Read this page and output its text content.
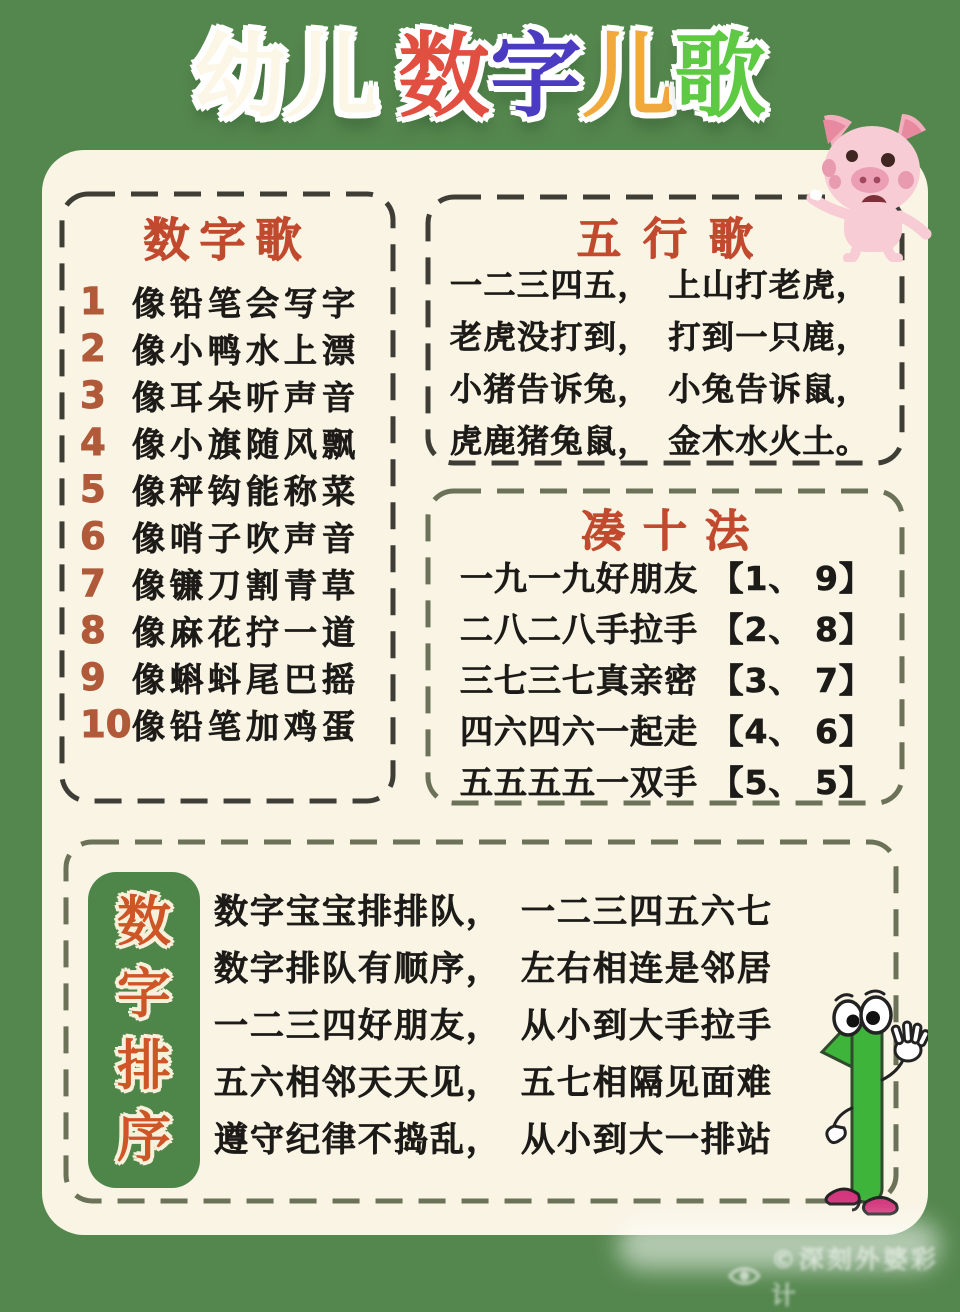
幼 儿 数 字 儿 歌
数字歌
1 像铅笔会写字
2 像小鸭水上漂
3 像耳朵听声音
4 像小旗随风飘
5 像秤钩能称菜
6 像哨子吹声音
7 像镰刀割青草
8 像麻花拧一道
9 像蝌蚪尾巴摇
10 像铅笔加鸡蛋
五行歌
一二三四五，　上山打老虎，
老虎没打到，　打到一只鹿，
小猪告诉兔，　小兔告诉鼠，
虎鹿猪兔鼠，　金木水火土。
凑十法
一九一九好朋友 【1、 9】
二八二八手拉手 【2、 8】
三七三七真亲密 【3、 7】
四六四六一起走 【4、 6】
五五五五一双手 【5、 5】
数
字
排
序
数字宝宝排排队，　一二三四五六七
数字排队有顺序，　左右相连是邻居
一二三四好朋友，　从小到大手拉手
五六相邻天天见，　五七相隔见面难
遵守纪律不捣乱，　从小到大一排站
©深刻外婆彩计
